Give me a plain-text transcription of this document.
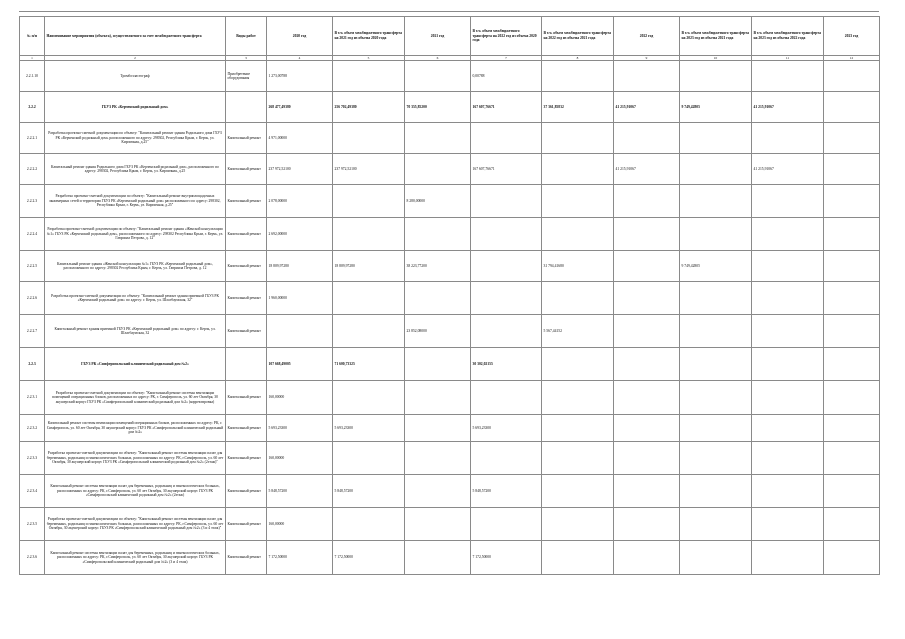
№ п/п	Наименование мероприятия (объекта), осуществляемого за счет межбюджетного трансферта	Виды работ	2020 год	В т.ч. объем межбюджетного трансферта на 2021 год из объема 2020 года	2021 год	В т.ч. объем межбюджетного трансферта на 2022 год из объема 2020 года	В т.ч. объем межбюджетного трансферта на 2022 год из объема 2021 года	2022 год	В т.ч. объем межбюджетного трансферта на 2023 год из объема 2021 года	В т.ч. объем межбюджетного трансферта на 2023 год из объема 2022 года	2023 год
1	2	3	4	5	6	7	8	9	10	11	12
2.2.1.10	Тромбоэластограф	Приобретение оборудования	1 273,00788			0,00788					
2.2.2	ГБУЗ РК «Керченский родильный дом»		268 477,49380	256 702,49380	70 355,85200	167 607,76671	37 361,85832	41 215,91067	9 749,42805	41 215,91067	
2.2.2.1	Разработка проектно-сметной документации по объекту: "Капитальный ремонт здания Родильного дома ГБУЗ РК «Керченский родильный дом» расположенного по адресу: 298302, Республика Крым, г. Керчь, ул. Кирпичная, д.25"	Капитальный ремонт	4 971,00000								
2.2.2.2	Капитальный ремонт здания Родильного дома ГБУЗ РК «Керченский родильный дом», расположенного по адресу: 298302, Республика Крым, г. Керчь, ул. Кирпичная, д.25	Капитальный ремонт	237 972,52100	237 972,52100		167 607,76671		41 215,91067		41 215,91067	
2.2.2.3	Разработка проектно-сметной документации по объекту: "Капитальный ремонт внутриплощадочных инженерных сетей и территории ГБУЗ РК «Керченский родильный дом» расположенного по адресу: 298302, Республика Крым, г. Керчь, ул. Кирпичная, д.25"	Капитальный ремонт	2 078,00000		8 280,00000						
2.2.2.4	Разработка проектно-сметной документации по объекту: "Капитальный ремонт здания «Женской консультации №1» ГБУЗ РК «Керченский родильный дом», расположенного по адресу: 298302 Республика Крым, г. Керчь, ул. Гавриила Петрова, д. 12"	Капитальный ремонт	2 692,00000								
2.2.2.5	Капитальный ремонт здания «Женской консультации №1» ГБУЗ РК «Керченский родильный дом», расположенного по адресу: 298302 Республика Крым, г. Керчь, ул. Гавриила Петрова, д. 12	Капитальный ремонт	18 809,97280	18 809,97280	38 223,77200		31 794,41680		9 749,42805		
2.2.2.6	Разработка проектно-сметной документации по объекту: "Капитальный ремонт здания приемной ГБУЗ РК «Керченский родильный дом» по адресу: г. Керчь, ул. Шлагбаумская, 32"	Капитальный ремонт	1 960,00000								
2.2.2.7	Капитальный ремонт здания приемной ГБУЗ РК «Керченский родильный дом» по адресу: г. Керчь, ул. Шлагбаумская, 32	Капитальный ремонт			23 852,08000		5 567,44152				
2.2.3	ГБУЗ РК «Симферопольский клинический родильный дом №2»		107 668,49005	71 600,73325		30 302,02155					
2.2.3.1	Разработка проектно-сметной документации по объекту: "Капитальный ремонт системы вентиляции помещений операционных блоков, расположенных по адресу: РК, г. Симферополь, ул. 60 лет Октября, 30 акушерский корпус ГБУЗ РК «Симферопольский клинический родильный дом №2» (корректировка)	Капитальный ремонт	160,00000								
2.2.3.2	Капитальный ремонт системы вентиляции помещений операционных блоков, расположенных по адресу: РК, г. Симферополь, ул. 60 лет Октября, 30 акушерский корпус ГБУЗ РК «Симферопольский клинический родильный дом №2»	Капитальный ремонт	5 693,23300	5 693,23300		5 693,23300					
2.2.3.3	Разработка проектно-сметной документации по объекту: "Капитальный ремонт системы вентиляции палат для беременных, родильниц и гинекологических больных, расположенных по адресу: РК, г.Симферополь, ул. 60 лет Октября, 30 акушерский корпус ГБУЗ РК «Симферопольский клинический родильный дом №2» (2этаж)"	Капитальный ремонт	160,00000								
2.2.3.4	Капитальный ремонт системы вентиляции палат для беременных, родильниц и гинекологических больных, расположенных по адресу: РК, г.Симферополь, ул. 60 лет Октября, 30 акушерский корпус ГБУЗ РК «Симферопольский клинический родильный дом №2» (2этаж)	Капитальный ремонт	5 848,57200	5 848,57200		5 848,57200					
2.2.3.5	Разработка проектно-сметной документации по объекту: "Капитальный ремонт системы вентиляции палат для беременных, родильниц и гинекологических больных, расположенных по адресу: РК, г.Симферополь, ул. 60 лет Октября, 30 акушерский корпус ГБУЗ РК «Симферопольский клинический родильный дом №2» (3 и 4 этаж)"	Капитальный ремонт	160,00000								
2.2.3.6	Капитальный ремонт системы вентиляции палат для беременных, родильниц и гинекологических больных, расположенных по адресу: РК, г.Симферополь, ул. 60 лет Октября, 30 акушерский корпус ГБУЗ РК «Симферопольский клинический родильный дом №2» (3 и 4 этаж)	Капитальный ремонт	7 172,50000	7 172,50000		7 172,50000					
